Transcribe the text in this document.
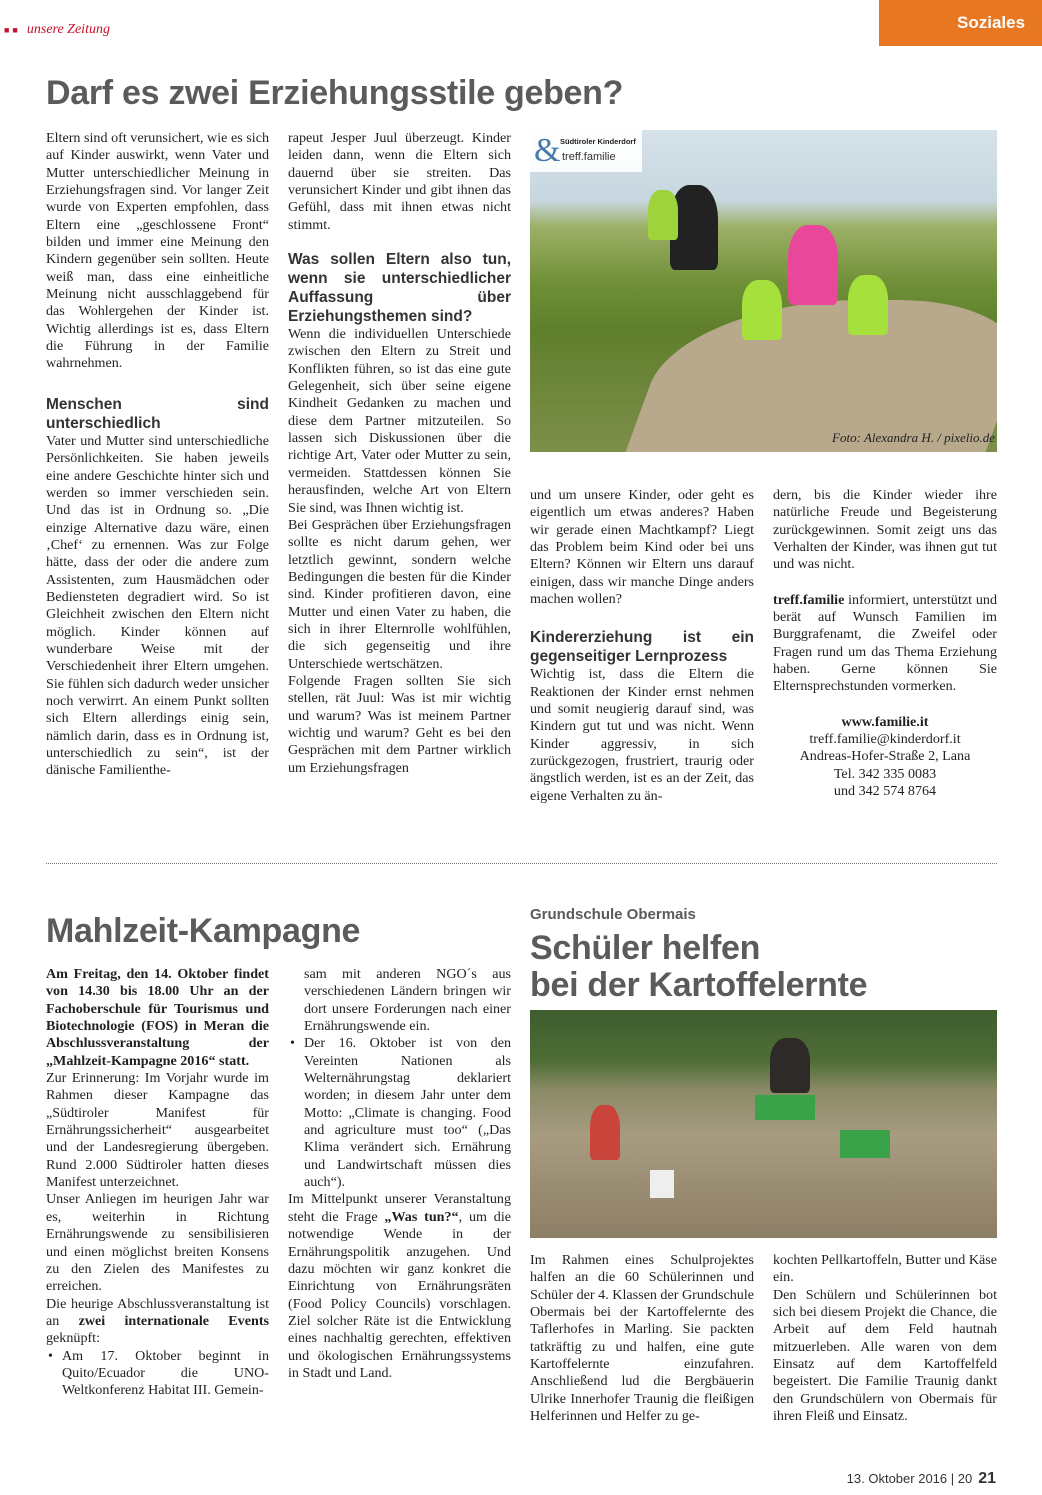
■■ unsere Zeitung	Soziales
Darf es zwei Erziehungsstile geben?

Eltern sind oft verunsichert, wie es sich auf Kinder auswirkt, wenn Vater und Mutter unterschiedlicher Meinung in Erziehungsfragen sind. Vor langer Zeit wurde von Experten empfohlen, dass Eltern eine „geschlossene Front“ bilden und immer eine Meinung den Kindern gegenüber sein sollten. Heute weiß man, dass eine einheitliche Meinung nicht ausschlaggebend für das Wohlergehen der Kinder ist. Wichtig allerdings ist es, dass Eltern die Führung in der Familie wahrnehmen.

Menschen sind unterschiedlich

Vater und Mutter sind unterschiedliche Persönlichkeiten. Sie haben jeweils eine andere Geschichte hinter sich und werden so immer verschieden sein. Und das ist in Ordnung so. „Die einzige Alternative dazu wäre, einen ‚Chef‘ zu ernennen. Was zur Folge hätte, dass der oder die andere zum Assistenten, zum Hausmädchen oder Bediensteten degradiert wird. So ist Gleichheit zwischen den Eltern nicht möglich. Kinder können auf wunderbare Weise mit der Verschiedenheit ihrer Eltern umgehen. Sie fühlen sich dadurch weder unsicher noch verwirrt. An einem Punkt sollten sich Eltern allerdings einig sein, nämlich darin, dass es in Ordnung ist, unterschiedlich zu sein“, ist der dänische Familienthe-

rapeut Jesper Juul überzeugt. Kinder leiden dann, wenn die Eltern sich dauernd über sie streiten. Das verunsichert Kinder und gibt ihnen das Gefühl, dass mit ihnen etwas nicht stimmt.

Was sollen Eltern also tun, wenn sie unterschiedlicher Auffassung über Erziehungsthemen sind?

Wenn die individuellen Unterschiede zwischen den Eltern zu Streit und Konflikten führen, so ist das eine gute Gelegenheit, sich über seine eigene Kindheit Gedanken zu machen und diese dem Partner mitzuteilen. So lassen sich Diskussionen über die richtige Art, Vater oder Mutter zu sein, vermeiden. Stattdessen können Sie herausfinden, welche Art von Eltern Sie sind, was Ihnen wichtig ist.

Bei Gesprächen über Erziehungsfragen sollte es nicht darum gehen, wer letztlich gewinnt, sondern welche Bedingungen die besten für die Kinder sind. Kinder profitieren davon, eine Mutter und einen Vater zu haben, die sich in ihrer Elternrolle wohlfühlen, die sich gegenseitig und ihre Unterschiede wertschätzen.

Folgende Fragen sollten Sie sich stellen, rät Juul: Was ist mir wichtig und warum? Was ist meinem Partner wichtig und warum? Geht es bei den Gesprächen mit dem Partner wirklich um Erziehungsfragen

& Südtiroler Kinderdorf
treff.familie
Foto: Alexandra H. / pixelio.de

und um unsere Kinder, oder geht es eigentlich um etwas anderes? Haben wir gerade einen Machtkampf? Liegt das Problem beim Kind oder bei uns Eltern? Können wir Eltern uns darauf einigen, dass wir manche Dinge anders machen wollen?

Kindererziehung ist ein gegenseitiger Lernprozess

Wichtig ist, dass die Eltern die Reaktionen der Kinder ernst nehmen und somit neugierig darauf sind, was Kindern gut tut und was nicht. Wenn Kinder aggressiv, in sich zurückgezogen, frustriert, traurig oder ängstlich werden, ist es an der Zeit, das eigene Verhalten zu än-

dern, bis die Kinder wieder ihre natürliche Freude und Begeisterung zurückgewinnen. Somit zeigt uns das Verhalten der Kinder, was ihnen gut tut und was nicht.

treff.familie informiert, unterstützt und berät auf Wunsch Familien im Burggrafenamt, die Zweifel oder Fragen rund um das Thema Erziehung haben. Gerne können Sie Elternsprechstunden vormerken.

www.familie.it

treff.familie@kinderdorf.it

Andreas-Hofer-Straße 2, Lana

Tel. 342 335 0083

und 342 574 8764

Mahlzeit-Kampagne

Am Freitag, den 14. Oktober findet von 14.30 bis 18.00 Uhr an der Fachoberschule für Tourismus und Biotechnologie (FOS) in Meran die Abschlussveranstaltung der „Mahlzeit-Kampagne 2016“ statt.

Zur Erinnerung: Im Vorjahr wurde im Rahmen dieser Kampagne das „Südtiroler Manifest für Ernährungssicherheit“ ausgearbeitet und der Landesregierung übergeben. Rund 2.000 Südtiroler hatten dieses Manifest unterzeichnet.

Unser Anliegen im heurigen Jahr war es, weiterhin in Richtung Ernährungswende zu sensibilisieren und einen möglichst breiten Konsens zu den Zielen des Manifestes zu erreichen.

Die heurige Abschlussveranstaltung ist an zwei internationale Events geknüpft:

• Am 17. Oktober beginnt in Quito/Ecuador die UNO-Weltkonferenz Habitat III. Gemein-
sam mit anderen NGO´s aus verschiedenen Ländern bringen wir dort unsere Forderungen nach einer Ernährungswende ein.
• Der 16. Oktober ist von den Vereinten Nationen als Welternährungstag deklariert worden; in diesem Jahr unter dem Motto: „Climate is changing. Food and agriculture must too“ („Das Klima verändert sich. Ernährung und Landwirtschaft müssen dies auch“).

Im Mittelpunkt unserer Veranstaltung steht die Frage „Was tun?“, um die notwendige Wende in der Ernährungspolitik anzugehen. Und dazu möchten wir ganz konkret die Einrichtung von Ernährungsräten (Food Policy Councils) vorschlagen. Ziel solcher Räte ist die Entwicklung eines nachhaltig gerechten, effektiven und ökologischen Ernährungssystems in Stadt und Land.

Grundschule Obermais
Schüler helfen
bei der Kartoffelernte

Im Rahmen eines Schulprojektes halfen an die 60 Schülerinnen und Schüler der 4. Klassen der Grundschule Obermais bei der Kartoffelernte des Taflerhofes in Marling. Sie packten tatkräftig zu und halfen, eine gute Kartoffelernte einzufahren. Anschließend lud die Bergbäuerin Ulrike Innerhofer Traunig die fleißigen Helferinnen und Helfer zu ge-

kochten Pellkartoffeln, Butter und Käse ein.

Den Schülern und Schülerinnen bot sich bei diesem Projekt die Chance, die Arbeit auf dem Feld hautnah mitzuerleben. Alle waren von dem Einsatz auf dem Kartoffelfeld begeistert. Die Familie Traunig dankt den Grundschülern von Obermais für ihren Fleiß und Einsatz.

13. Oktober 2016 | 20 21
